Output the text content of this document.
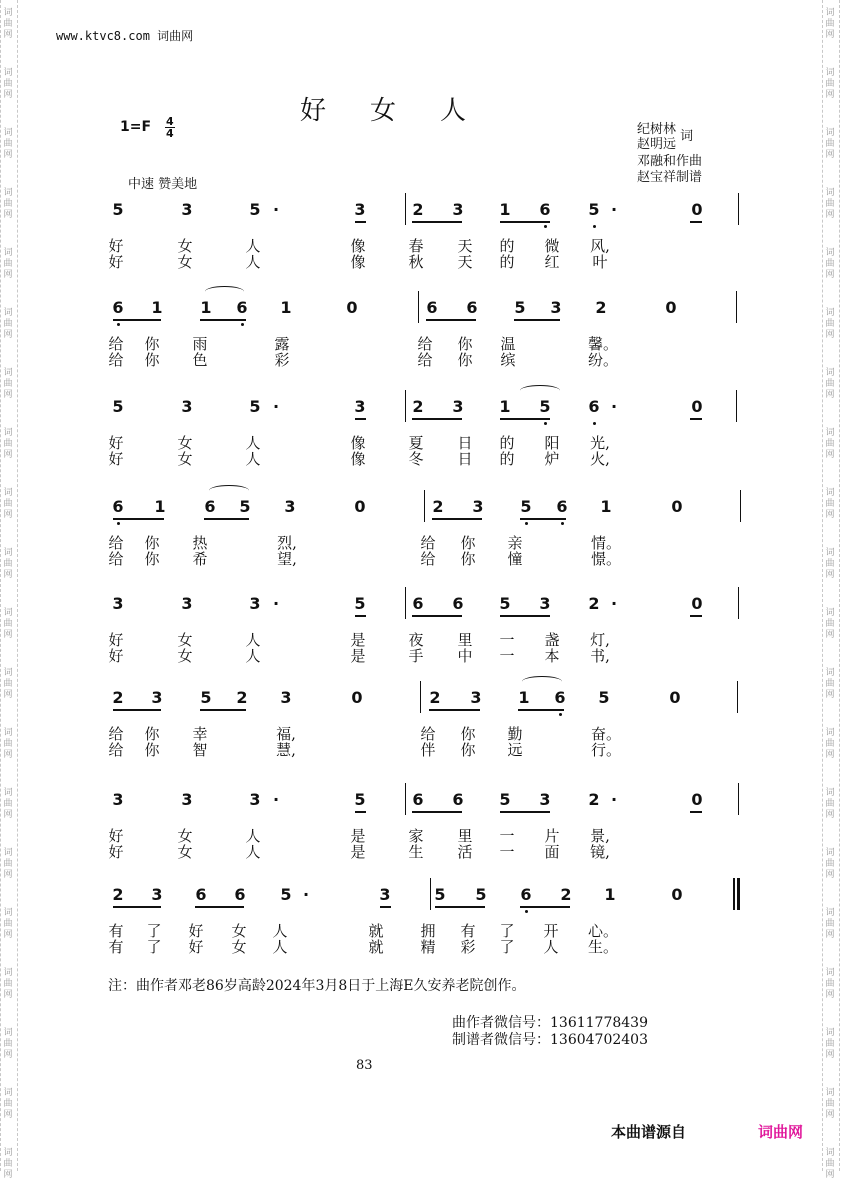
词
曲
网
词
曲
网
词
曲
网
词
曲
网
词
曲
网
词
曲
网
词
曲
网
词
曲
网
词
曲
网
词
曲
网
词
曲
网
词
曲
网
词
曲
网
词
曲
网
词
曲
网
词
曲
网
词
曲
网
词
曲
网
词
曲
网
词
曲
网
词
曲
网
词
曲
网
词
曲
网
词
曲
网
词
曲
网
词
曲
网
词
曲
网
词
曲
网
词
曲
网
词
曲
网
词
曲
网
词
曲
网
词
曲
网
词
曲
网
词
曲
网
词
曲
网
词
曲
网
词
曲
网
词
曲
网
词
曲
网
www.ktvc8.com 词曲网
好女人
1=F 4
4
中速 赞美地
纪树林
赵明远 词
邓融和作曲
赵宝祥制谱
5	3	5 ·	3	2 3 1 6 5 ·	0
好	女	人	像	春	天	的	微	风,
好	女	人	像	秋	天	的	红	叶
6 1 1 6 1	0	6 6 5 3 2	0
给	你	雨	露	给	你	温	馨。
给	你	色	彩	给	你	缤	纷。
5	3	5 ·	3	2 3 1 5 6 ·	0
好	女	人	像	夏	日	的	阳	光,
好	女	人	像	冬	日	的	炉	火,
6 1 6 5 3	0	2 3 5 6 1	0
给	你	热	烈,	给	你	亲	情。
给	你	希	望,	给	你	憧	憬。
3	3	3 ·	5	6 6 5 3 2 ·	0
好	女	人	是	夜	里	一	盏	灯,
好	女	人	是	手	中	一	本	书,
2 3 5 2 3	0	2 3 1 6 5	0
给	你	幸	福,	给	你	勤	奋。
给	你	智	慧,	伴	你	远	行。
3	3	3 ·	5	6 6 5 3 2 ·	0
好	女	人	是	家	里	一	片	景,
好	女	人	是	生	活	一	面	镜,
2 3 6 6 5 ·	3	5 5 6 2 1	0
有	了	好	女	人	就	拥	有	了	开	心。
有	了	好	女	人	就	精	彩	了	人	生。
注：曲作者邓老86岁高龄2024年3月8日于上海E久安养老院创作。
曲作者微信号：13611778439
制谱者微信号：13604702403
83
本曲谱源自	词曲网
